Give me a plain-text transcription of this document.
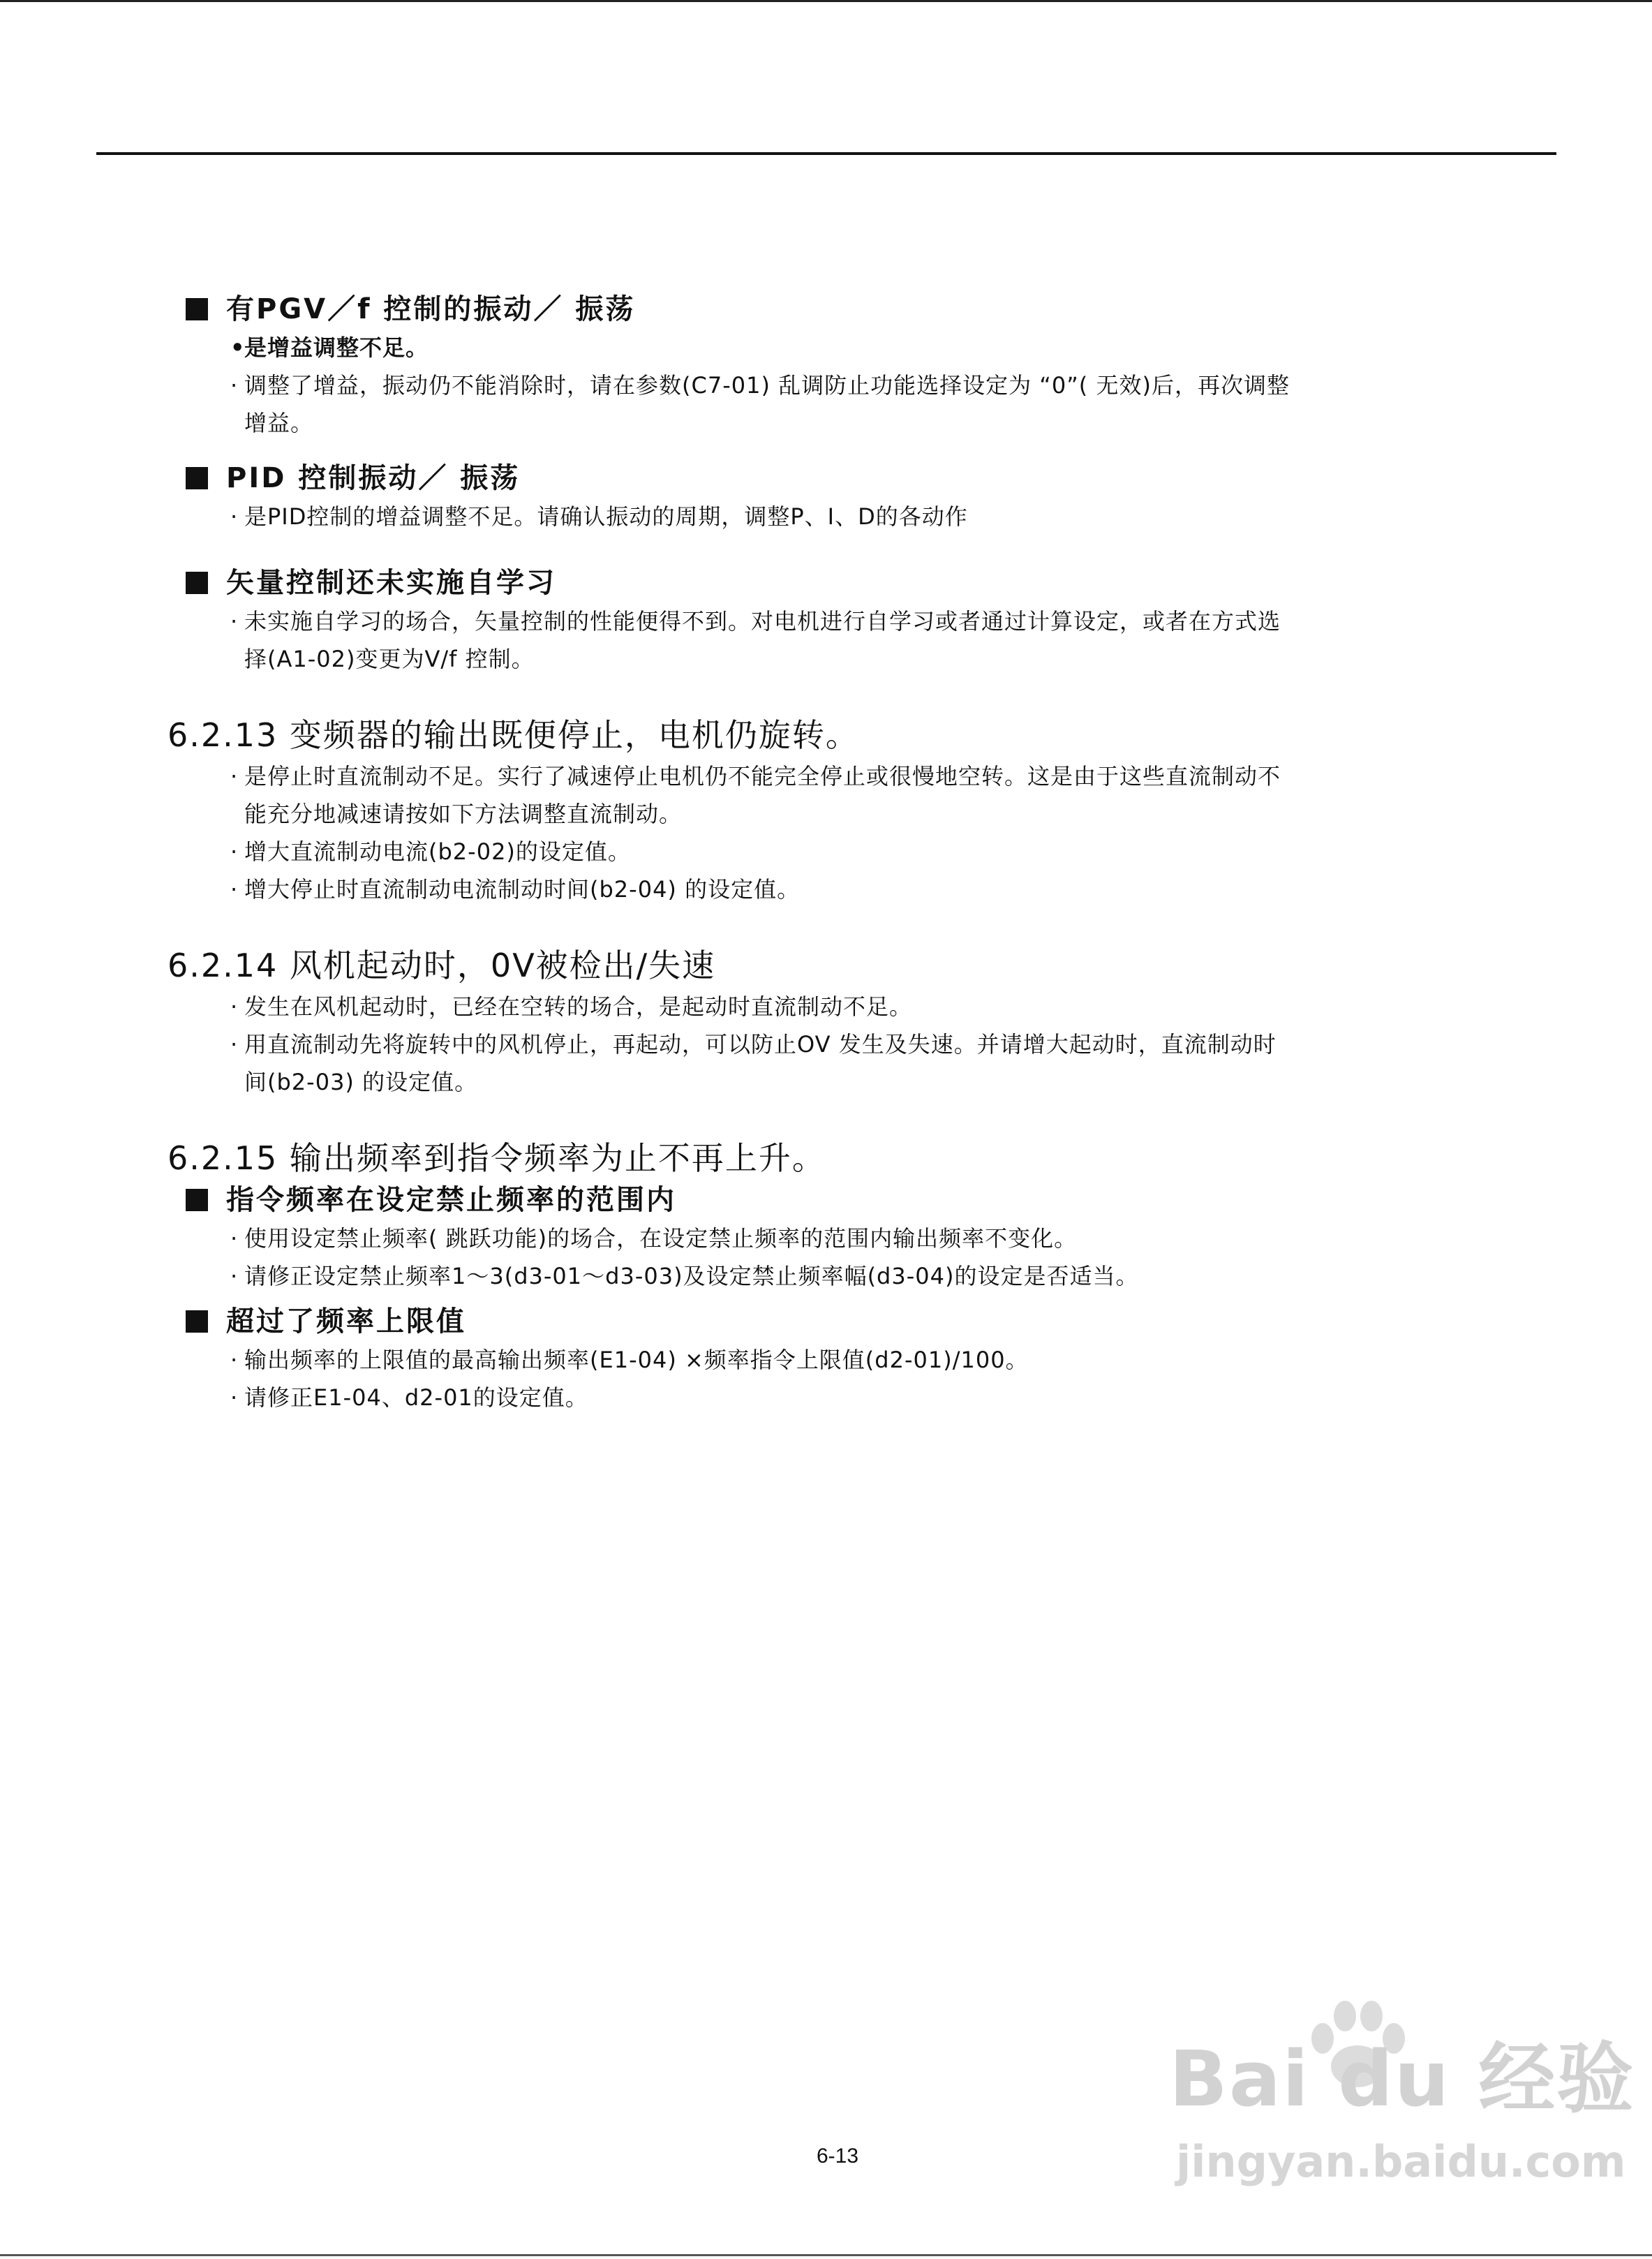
有PGV／f 控制的振动／ 振荡
•
是增益调整不足。
· 调整了增益，振动仍不能消除时，请在参数(C7-01) 乱调防止功能选择设定为 “0”( 无效)后，再次调整
增益。
PID 控制振动／ 振荡
· 是PID控制的增益调整不足。请确认振动的周期，调整P、I、D的各动作
矢量控制还未实施自学习
· 未实施自学习的场合，矢量控制的性能便得不到。对电机进行自学习或者通过计算设定，或者在方式选
择(A1-02)变更为V/f 控制。
6.2.13 变频器的输出既便停止，电机仍旋转。
· 是停止时直流制动不足。实行了减速停止电机仍不能完全停止或很慢地空转。这是由于这些直流制动不
能充分地减速请按如下方法调整直流制动。
· 增大直流制动电流(b2-02)的设定值。
· 增大停止时直流制动电流制动时间(b2-04) 的设定值。
6.2.14 风机起动时，0V被检出/失速
· 发生在风机起动时，已经在空转的场合，是起动时直流制动不足。
· 用直流制动先将旋转中的风机停止，再起动，可以防止OV 发生及失速。并请增大起动时，直流制动时
间(b2-03) 的设定值。
6.2.15 输出频率到指令频率为止不再上升。
指令频率在设定禁止频率的范围内
· 使用设定禁止频率( 跳跃功能)的场合，在设定禁止频率的范围内输出频率不变化。
· 请修正设定禁止频率1～3(d3-01～d3-03)及设定禁止频率幅(d3-04)的设定是否适当。
超过了频率上限值
· 输出频率的上限值的最高输出频率(E1-04) ×频率指令上限值(d2-01)/100。
· 请修正E1-04、d2-01的设定值。
6-13
Bai du 经验
jingyan.baidu.com
